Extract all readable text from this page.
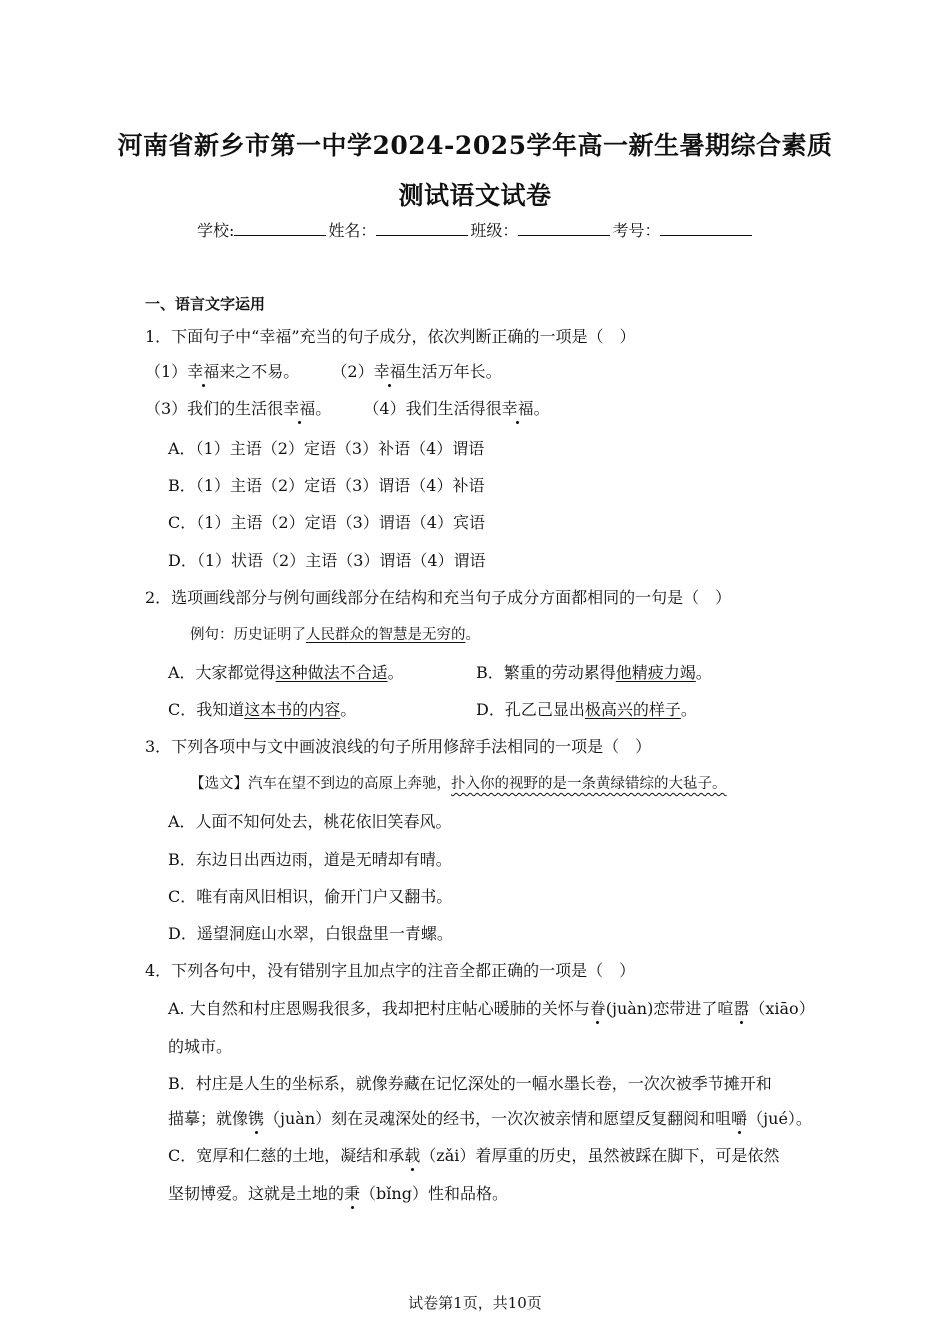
河南省新乡市第一中学2024-2025学年高一新生暑期综合素质
测试语文试卷
学校:	姓名：	班级：	考号：
一、语言文字运用
1．下面句子中“幸福”充当的句子成分，依次判断正确的一项是（　）
（1）幸福来之不易。 （2）幸福生活万年长。
（3）我们的生活很幸福。 （4）我们生活得很幸福。
A．（1）主语（2）定语（3）补语（4）谓语
B．（1）主语（2）定语（3）谓语（4）补语
C．（1）主语（2）定语（3）谓语（4）宾语
D．（1）状语（2）主语（3）谓语（4）谓语
2．选项画线部分与例句画线部分在结构和充当句子成分方面都相同的一句是（　）
例句：历史证明了人民群众的智慧是无穷的。
A．大家都觉得这种做法不合适。	B．繁重的劳动累得他精疲力竭。
C．我知道这本书的内容。	D．孔乙己显出极高兴的样子。
3．下列各项中与文中画波浪线的句子所用修辞手法相同的一项是（　）
【选文】汽车在望不到边的高原上奔驰，扑入你的视野的是一条黄绿错综的大毡子。
A．人面不知何处去，桃花依旧笑春风。
B．东边日出西边雨，道是无晴却有晴。
C．唯有南风旧相识，偷开门户又翻书。
D．遥望洞庭山水翠，白银盘里一青螺。
4．下列各句中，没有错别字且加点字的注音全都正确的一项是（　）
A. 大自然和村庄恩赐我很多，我却把村庄帖心暖肺的关怀与眷(juàn)恋带进了喧嚣（xiāo）
的城市。
B．村庄是人生的坐标系，就像券藏在记忆深处的一幅水墨长卷，一次次被季节摊开和
描摹；就像镌（juàn）刻在灵魂深处的经书，一次次被亲情和愿望反复翻阅和咀嚼（jué）。
C．宽厚和仁慈的土地，凝结和承载（zǎi）着厚重的历史，虽然被踩在脚下，可是依然
坚韧博爱。这就是土地的秉（bǐng）性和品格。
试卷第1页，共10页
